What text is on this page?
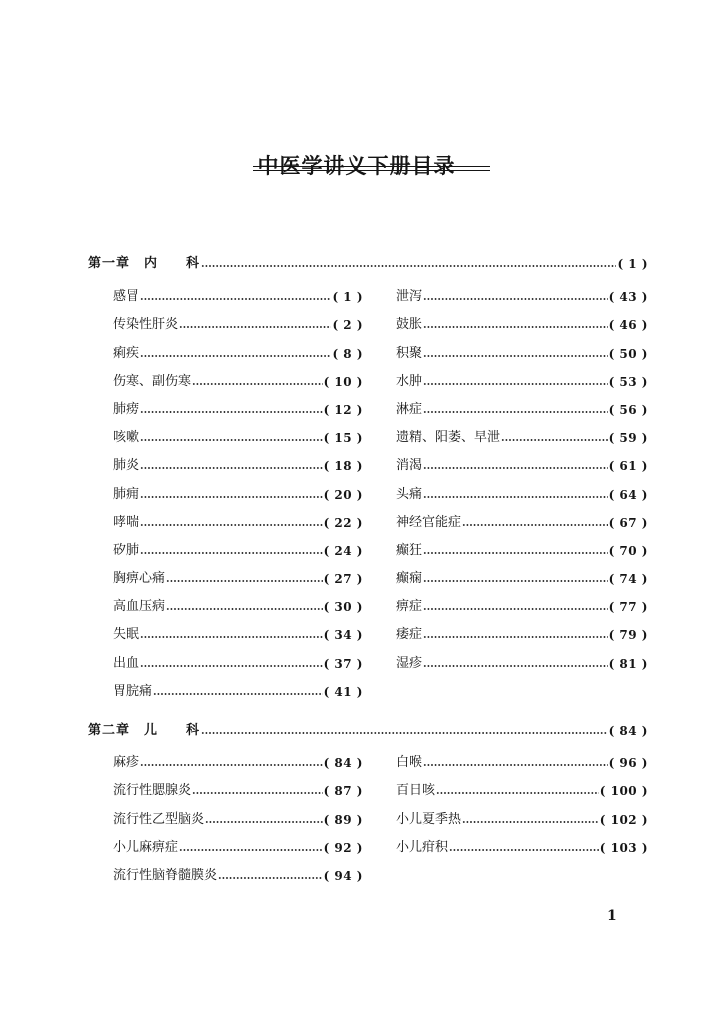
中医学讲义下册目录
第一章　内　　科	( 1 )
感冒	( 1 )
传染性肝炎	( 2 )
痢疾	( 8 )
伤寒、副伤寒	( 10 )
肺痨	( 12 )
咳嗽	( 15 )
肺炎	( 18 )
肺痈	( 20 )
哮喘	( 22 )
矽肺	( 24 )
胸痹心痛	( 27 )
高血压病	( 30 )
失眠	( 34 )
出血	( 37 )
胃脘痛	( 41 )
泄泻	( 43 )
鼓胀	( 46 )
积聚	( 50 )
水肿	( 53 )
淋症	( 56 )
遗精、阳萎、早泄	( 59 )
消渴	( 61 )
头痛	( 64 )
神经官能症	( 67 )
癫狂	( 70 )
癫痫	( 74 )
痹症	( 77 )
痿症	( 79 )
湿疹	( 81 )
第二章　儿　　科	( 84 )
麻疹	( 84 )
流行性腮腺炎	( 87 )
流行性乙型脑炎	( 89 )
小儿麻痹症	( 92 )
流行性脑脊髓膜炎	( 94 )
白喉	( 96 )
百日咳	( 100 )
小儿夏季热	( 102 )
小儿疳积	( 103 )
1
